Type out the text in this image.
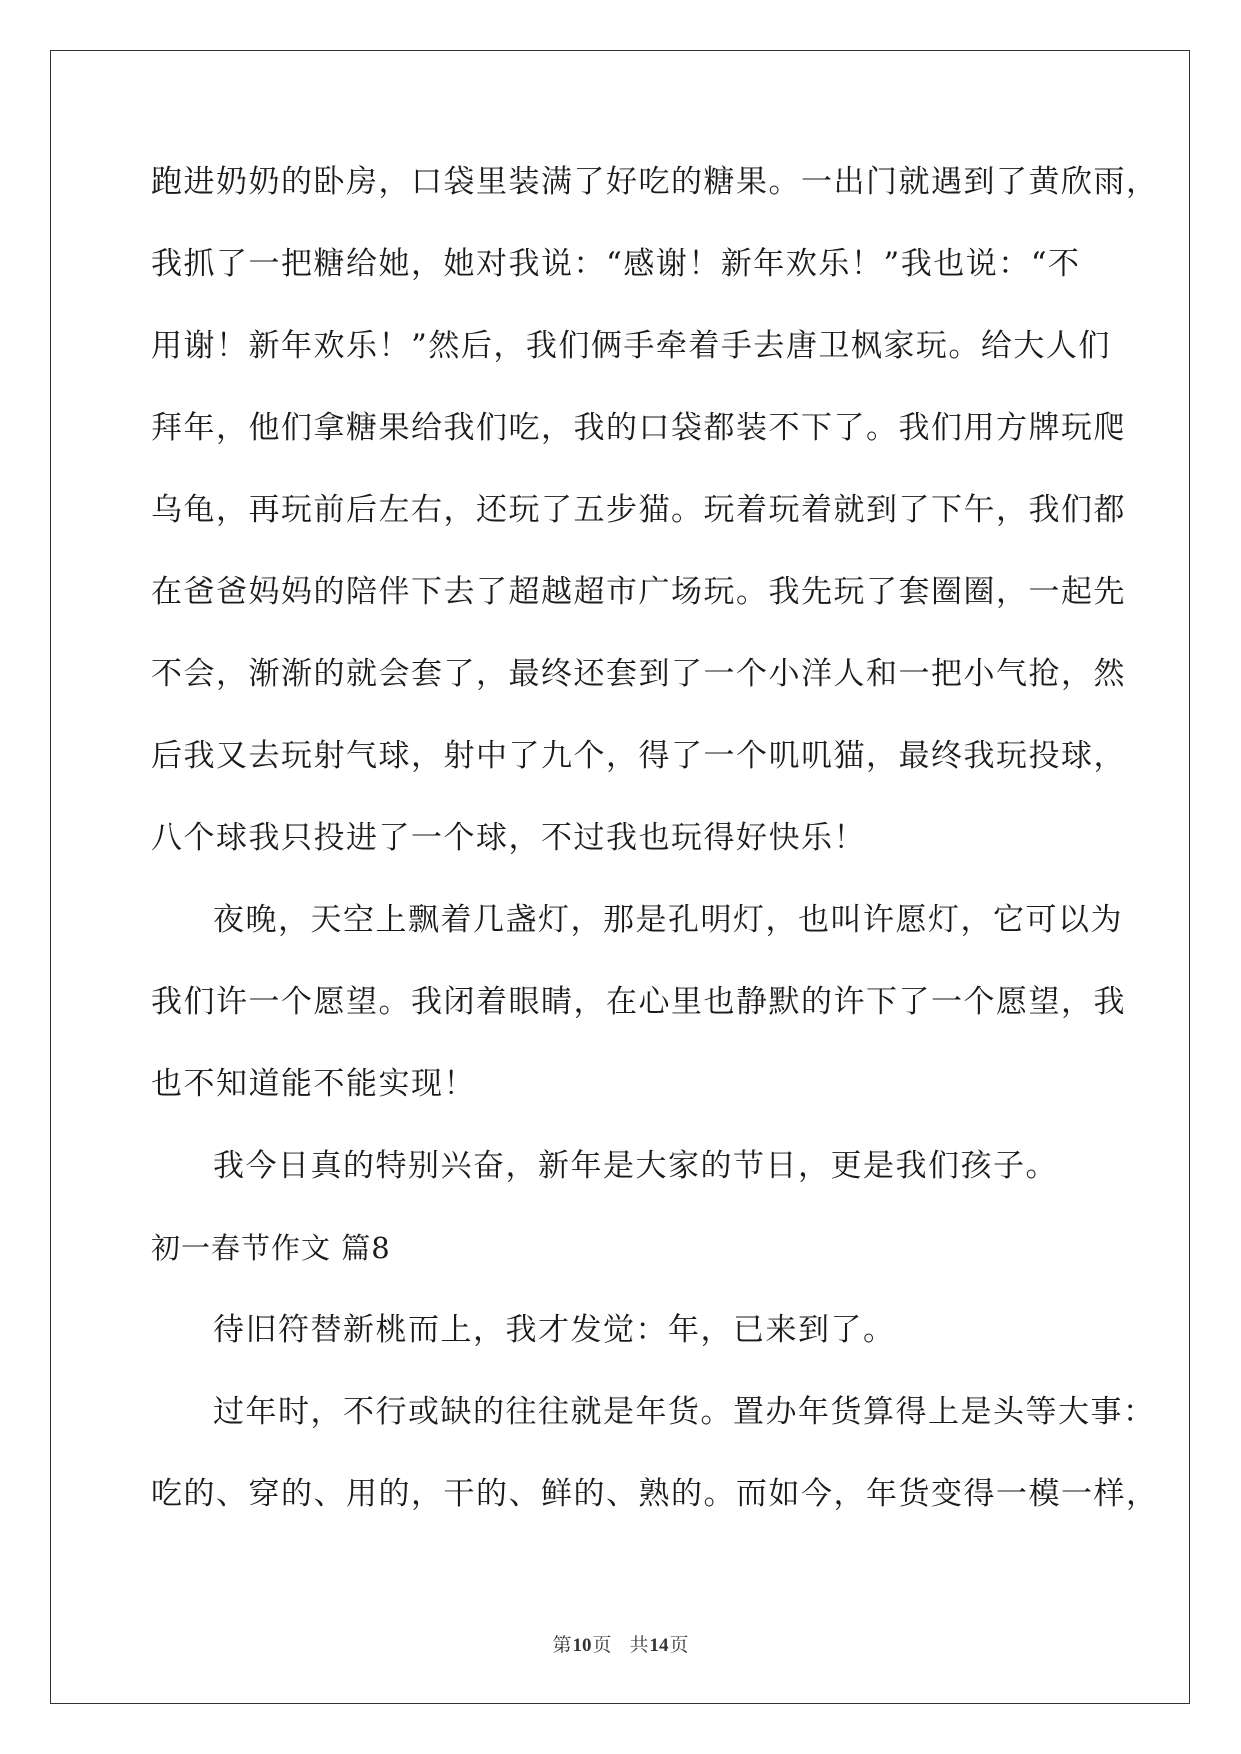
跑进奶奶的卧房，口袋里装满了好吃的糖果。一出门就遇到了黄欣雨，
我抓了一把糖给她，她对我说：“感谢！新年欢乐！”我也说：“不
用谢！新年欢乐！”然后，我们俩手牵着手去唐卫枫家玩。给大人们
拜年，他们拿糖果给我们吃，我的口袋都装不下了。我们用方牌玩爬
乌龟，再玩前后左右，还玩了五步猫。玩着玩着就到了下午，我们都
在爸爸妈妈的陪伴下去了超越超市广场玩。我先玩了套圈圈，一起先
不会，渐渐的就会套了，最终还套到了一个小洋人和一把小气抢，然
后我又去玩射气球，射中了九个，得了一个叽叽猫，最终我玩投球，
八个球我只投进了一个球，不过我也玩得好快乐！
夜晚，天空上飘着几盏灯，那是孔明灯，也叫许愿灯，它可以为
我们许一个愿望。我闭着眼睛，在心里也静默的许下了一个愿望，我
也不知道能不能实现！
我今日真的特别兴奋，新年是大家的节日，更是我们孩子。
初一春节作文 篇8
待旧符替新桃而上，我才发觉：年，已来到了。
过年时，不行或缺的往往就是年货。置办年货算得上是头等大事：
吃的、穿的、用的，干的、鲜的、熟的。而如今，年货变得一模一样，
第10页 共14页
